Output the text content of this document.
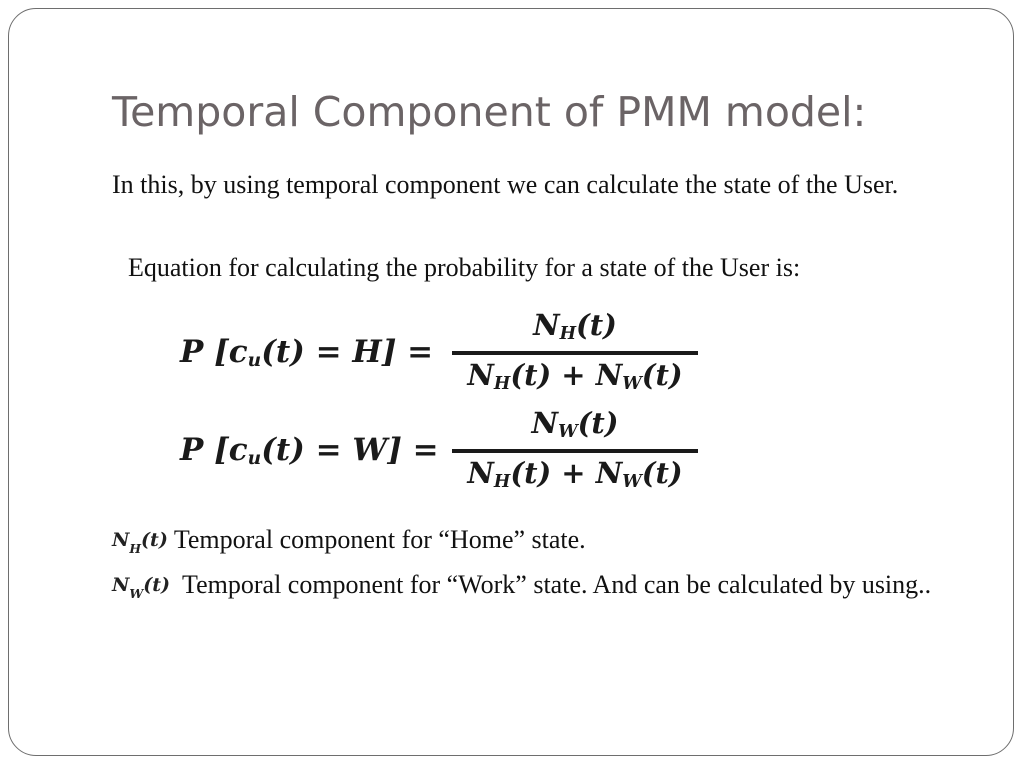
Temporal Component of PMM model:
In this, by using temporal component we can calculate the state of the User.
Equation for calculating the probability for a state of the User is:
P $[c_u(t) = H]$ =
$N_H(t)$
$N_H(t) + N_W(t)$
P $[c_u(t) = W]$ =
$N_W(t)$
$N_H(t) + N_W(t)$
$N_H(t)$ Temporal component for “Home” state.
$N_W(t)$ Temporal component for “Work” state. And can be calculated by using..
